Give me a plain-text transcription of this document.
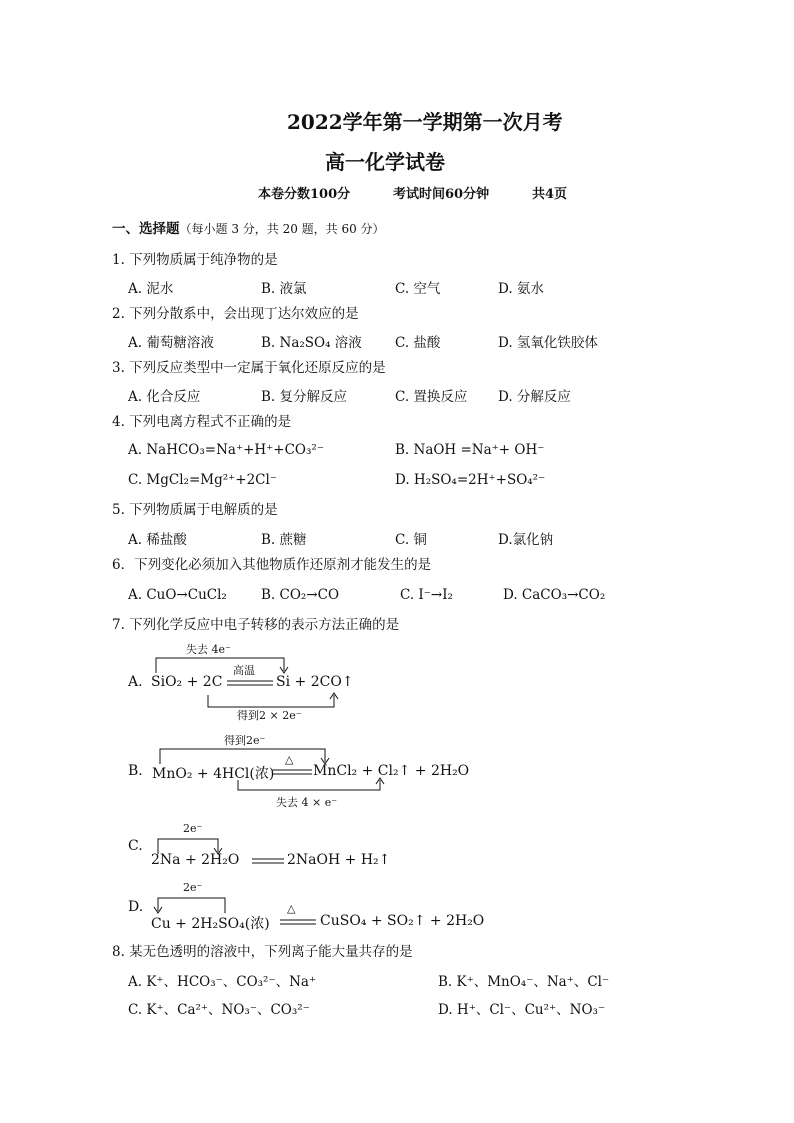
2022学年第一学期第一次月考
高一化学试卷
本卷分数100分	考试时间60分钟	共4页
一、选择题（每小题 3 分，共 20 题，共 60 分）
1. 下列物质属于纯净物的是
A. 泥水	B. 液氯	C. 空气	D. 氨水
2. 下列分散系中，会出现丁达尔效应的是
A. 葡萄糖溶液	B. Na₂SO₄ 溶液 C. 盐酸	D. 氢氧化铁胶体
3. 下列反应类型中一定属于氧化还原反应的是
A. 化合反应	B. 复分解反应	C. 置换反应 D. 分解反应
4. 下列电离方程式不正确的是
A. NaHCO₃=Na⁺+H⁺+CO₃²⁻	B. NaOH =Na⁺+ OH⁻
C. MgCl₂=Mg²⁺+2Cl⁻	D. H₂SO₄=2H⁺+SO₄²⁻
5. 下列物质属于电解质的是
A. 稀盐酸	B. 蔗糖	C. 铜	D.氯化钠
6．下列变化必须加入其他物质作还原剂才能发生的是
A. CuO→CuCl₂	B. CO₂→CO	C. I⁻→I₂	D. CaCO₃→CO₂
7. 下列化学反应中电子转移的表示方法正确的是
失去 4e⁻
A. SiO₂ + 2C
高温
Si + 2CO↑
得到2 × 2e⁻
得到2e⁻
B. MnO₂ + 4HCl(浓)
△
MnCl₂ + Cl₂↑ + 2H₂O
失去 4 × e⁻
2e⁻
C.
2Na + 2H₂O	2NaOH + H₂↑
2e⁻
D.
Cu + 2H₂SO₄(浓)
△
CuSO₄ + SO₂↑ + 2H₂O
8. 某无色透明的溶液中，下列离子能大量共存的是
A. K⁺、HCO₃⁻、CO₃²⁻、Na⁺	B. K⁺、MnO₄⁻、Na⁺、Cl⁻
C. K⁺、Ca²⁺、NO₃⁻、CO₃²⁻	D. H⁺、Cl⁻、Cu²⁺、NO₃⁻
